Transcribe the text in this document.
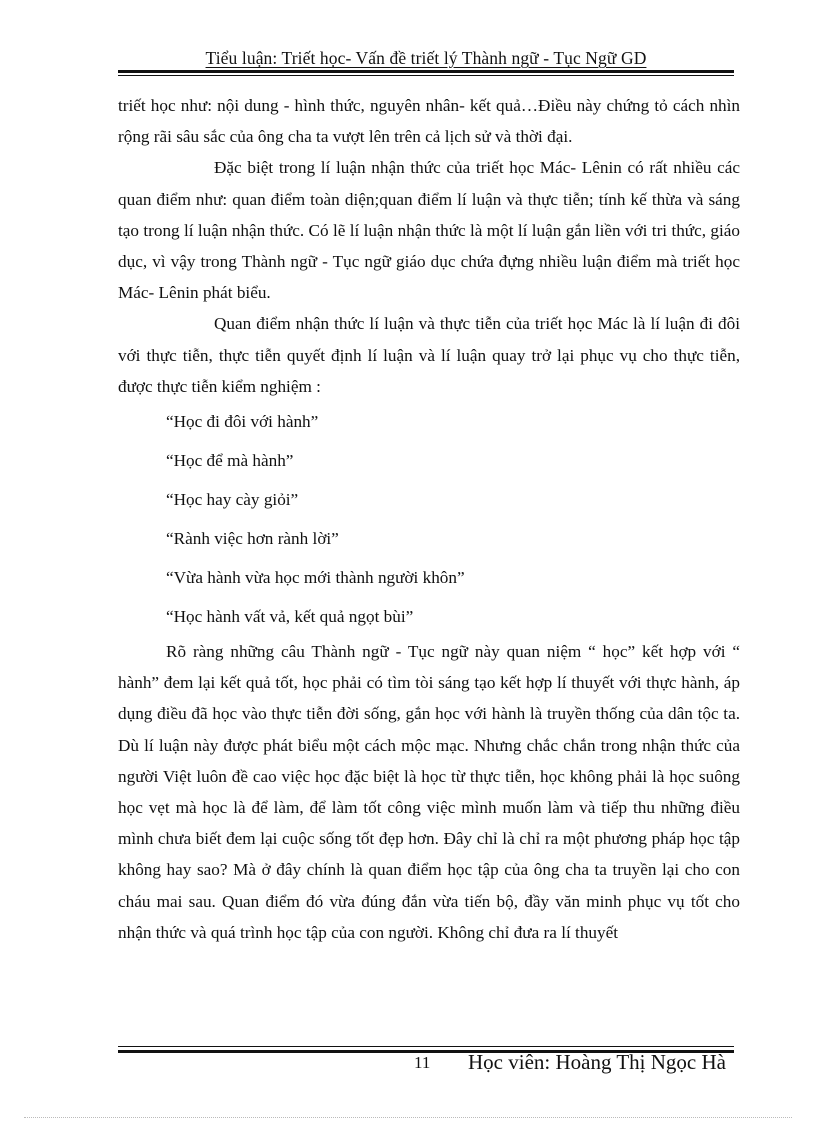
Tiểu luận: Triết học- Vấn đề triết lý Thành ngữ - Tục Ngữ GD

triết học như: nội dung - hình thức, nguyên nhân- kết quả…Điều này chứng tỏ cách nhìn rộng rãi sâu sắc của ông cha ta vượt lên trên cả lịch sử và thời đại.

Đặc biệt trong lí luận nhận thức của triết học Mác- Lênin có rất nhiều các quan điểm như: quan điểm toàn diện;quan điểm lí luận và thực tiễn; tính kế thừa và sáng tạo trong lí luận nhận thức. Có lẽ lí luận nhận thức là một lí luận gắn liền với tri thức, giáo dục, vì vậy trong Thành ngữ - Tục ngữ giáo dục chứa đựng nhiều luận điểm mà triết học Mác- Lênin phát biểu.

Quan điểm nhận thức lí luận và thực tiễn của triết học Mác là lí luận đi đôi với thực tiễn, thực tiễn quyết định lí luận và lí luận quay trở lại phục vụ cho thực tiễn, được thực tiễn kiểm nghiệm :

“Học đi đôi với hành”
“Học để mà hành”
“Học hay cày giỏi”
“Rành việc hơn rành lời”
“Vừa hành vừa học mới thành người khôn”
“Học hành vất vả, kết quả ngọt bùi”

Rõ ràng những câu Thành ngữ - Tục ngữ này quan niệm “ học” kết hợp với “ hành” đem lại kết quả tốt, học phải có tìm tòi sáng tạo kết hợp lí thuyết với thực hành, áp dụng điều đã học vào thực tiễn đời sống, gắn học với hành là truyền thống của dân tộc ta. Dù lí luận này được phát biểu một cách mộc mạc. Nhưng chắc chắn trong nhận thức của người Việt luôn đề cao việc học đặc biệt là học từ thực tiễn, học không phải là học suông học vẹt mà học là để làm, để làm tốt công việc mình muốn làm và tiếp thu những điều mình chưa biết đem lại cuộc sống tốt đẹp hơn. Đây chỉ là chỉ ra một phương pháp học tập không hay sao? Mà ở đây chính là quan điểm học tập của ông cha ta truyền lại cho con cháu mai sau. Quan điểm đó vừa đúng đắn vừa tiến bộ, đầy văn minh phục vụ tốt cho nhận thức và quá trình học tập của con người. Không chỉ đưa ra lí thuyết

11 Học viên: Hoàng Thị Ngọc Hà
